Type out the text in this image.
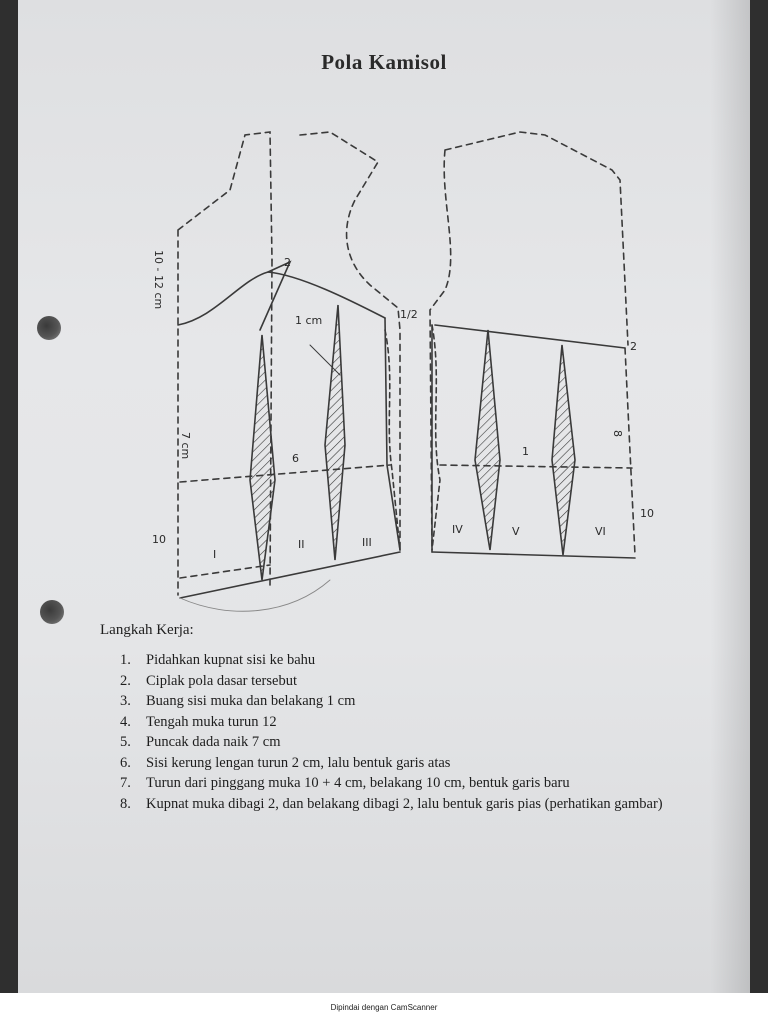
Pola Kamisol
I
II	III
IV	V	VI
1 cm
10 - 12 cm
7 cm	8
10
10
1/2
2
2
6
1
Langkah Kerja:
1. Pidahkan kupnat sisi ke bahu
2. Ciplak pola dasar tersebut
3. Buang sisi muka dan belakang 1 cm
4. Tengah muka turun 12
5. Puncak dada naik 7 cm
6. Sisi kerung lengan turun 2 cm, lalu bentuk garis atas
7. Turun dari pinggang muka 10 + 4 cm, belakang 10 cm, bentuk garis baru
8. Kupnat muka dibagi 2, dan belakang dibagi 2, lalu bentuk garis pias (perhatikan gambar)
Dipindai dengan CamScanner
